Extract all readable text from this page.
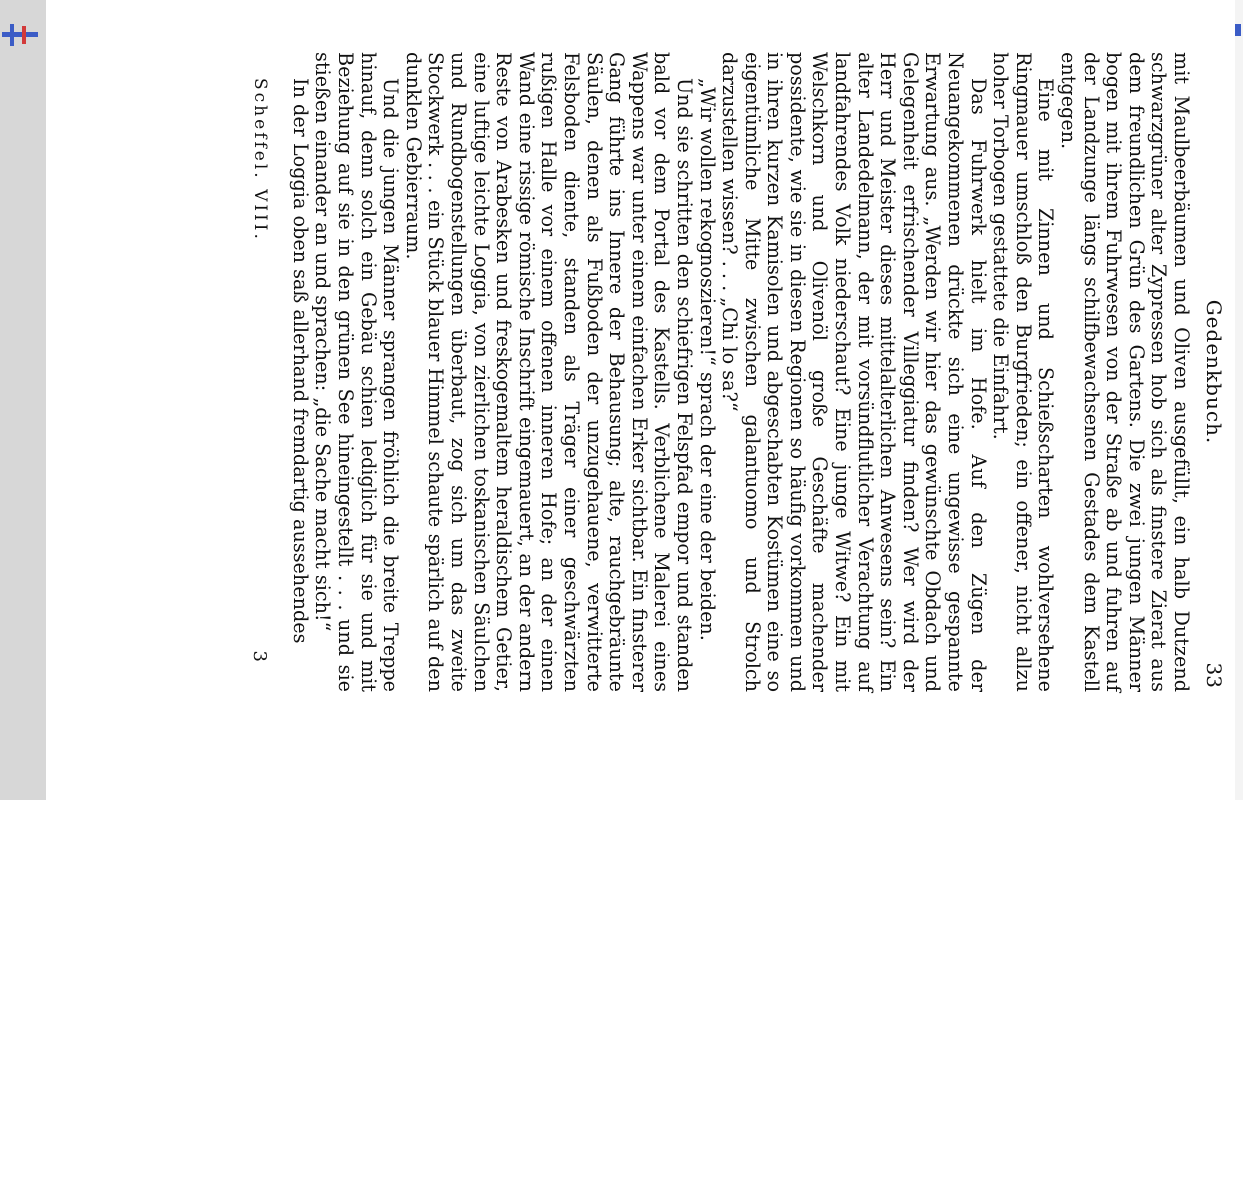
Gedenkbuch.
33

mit Maulbeerbäumen und Oliven ausgefüllt, ein halb Dutzend schwarzgrüner alter Zypressen hob sich als finstere Zierat aus dem freundlichen Grün des Gartens. Die zwei jungen Männer bogen mit ihrem Fuhrwesen von der Straße ab und fuhren auf der Landzunge längs schilfbewachsenen Gestades dem Kastell entgegen.

Eine mit Zinnen und Schießscharten wohlversehene Ringmauer umschloß den Burgfrieden; ein offener, nicht allzu hoher Torbogen gestattete die Einfahrt.

Das Fuhrwerk hielt im Hofe. Auf den Zügen der Neuangekommenen drückte sich eine ungewisse gespannte Erwartung aus. „Werden wir hier das gewünschte Obdach und Gelegenheit erfrischender Villeggiatur finden? Wer wird der Herr und Meister dieses mittelalterlichen Anwesens sein? Ein alter Landedelmann, der mit vorsündflutlicher Verachtung auf landfahrendes Volk niederschaut? Eine junge Witwe? Ein mit Welschkorn und Olivenöl große Geschäfte machender possidente, wie sie in diesen Regionen so häufig vorkommen und in ihren kurzen Kamisolen und abgeschabten Kostümen eine so eigentümliche Mitte zwischen galantuomo und Strolch darzustellen wissen? . . . „Chi lo sa?“

„Wir wollen rekognoszieren!“ sprach der eine der beiden.

Und sie schritten den schiefrigen Felspfad empor und standen bald vor dem Portal des Kastells. Verblichene Malerei eines Wappens war unter einem einfachen Erker sichtbar. Ein finsterer Gang führte ins Innere der Behausung; alte, rauchgebräunte Säulen, denen als Fußboden der unzugehauene, verwitterte Felsboden diente, standen als Träger einer geschwärzten rußigen Halle vor einem offenen inneren Hofe; an der einen Wand eine rissige römische Inschrift eingemauert, an der andern Reste von Arabesken und freskogemaltem heraldischem Getier, eine luftige leichte Loggia, von zierlichen toskanischen Säulchen und Rundbogenstellungen überbaut, zog sich um das zweite Stockwerk . . . ein Stück blauer Himmel schaute spärlich auf den dunklen Gebierraum.

Und die jungen Männer sprangen fröhlich die breite Treppe hinauf, denn solch ein Gebäu schien lediglich für sie und mit Beziehung auf sie in den grünen See hineingestellt . . . und sie stießen einander an und sprachen: „die Sache macht sich!“

In der Loggia oben saß allerhand fremdartig aussehendes

Scheffel. VIII.
3
